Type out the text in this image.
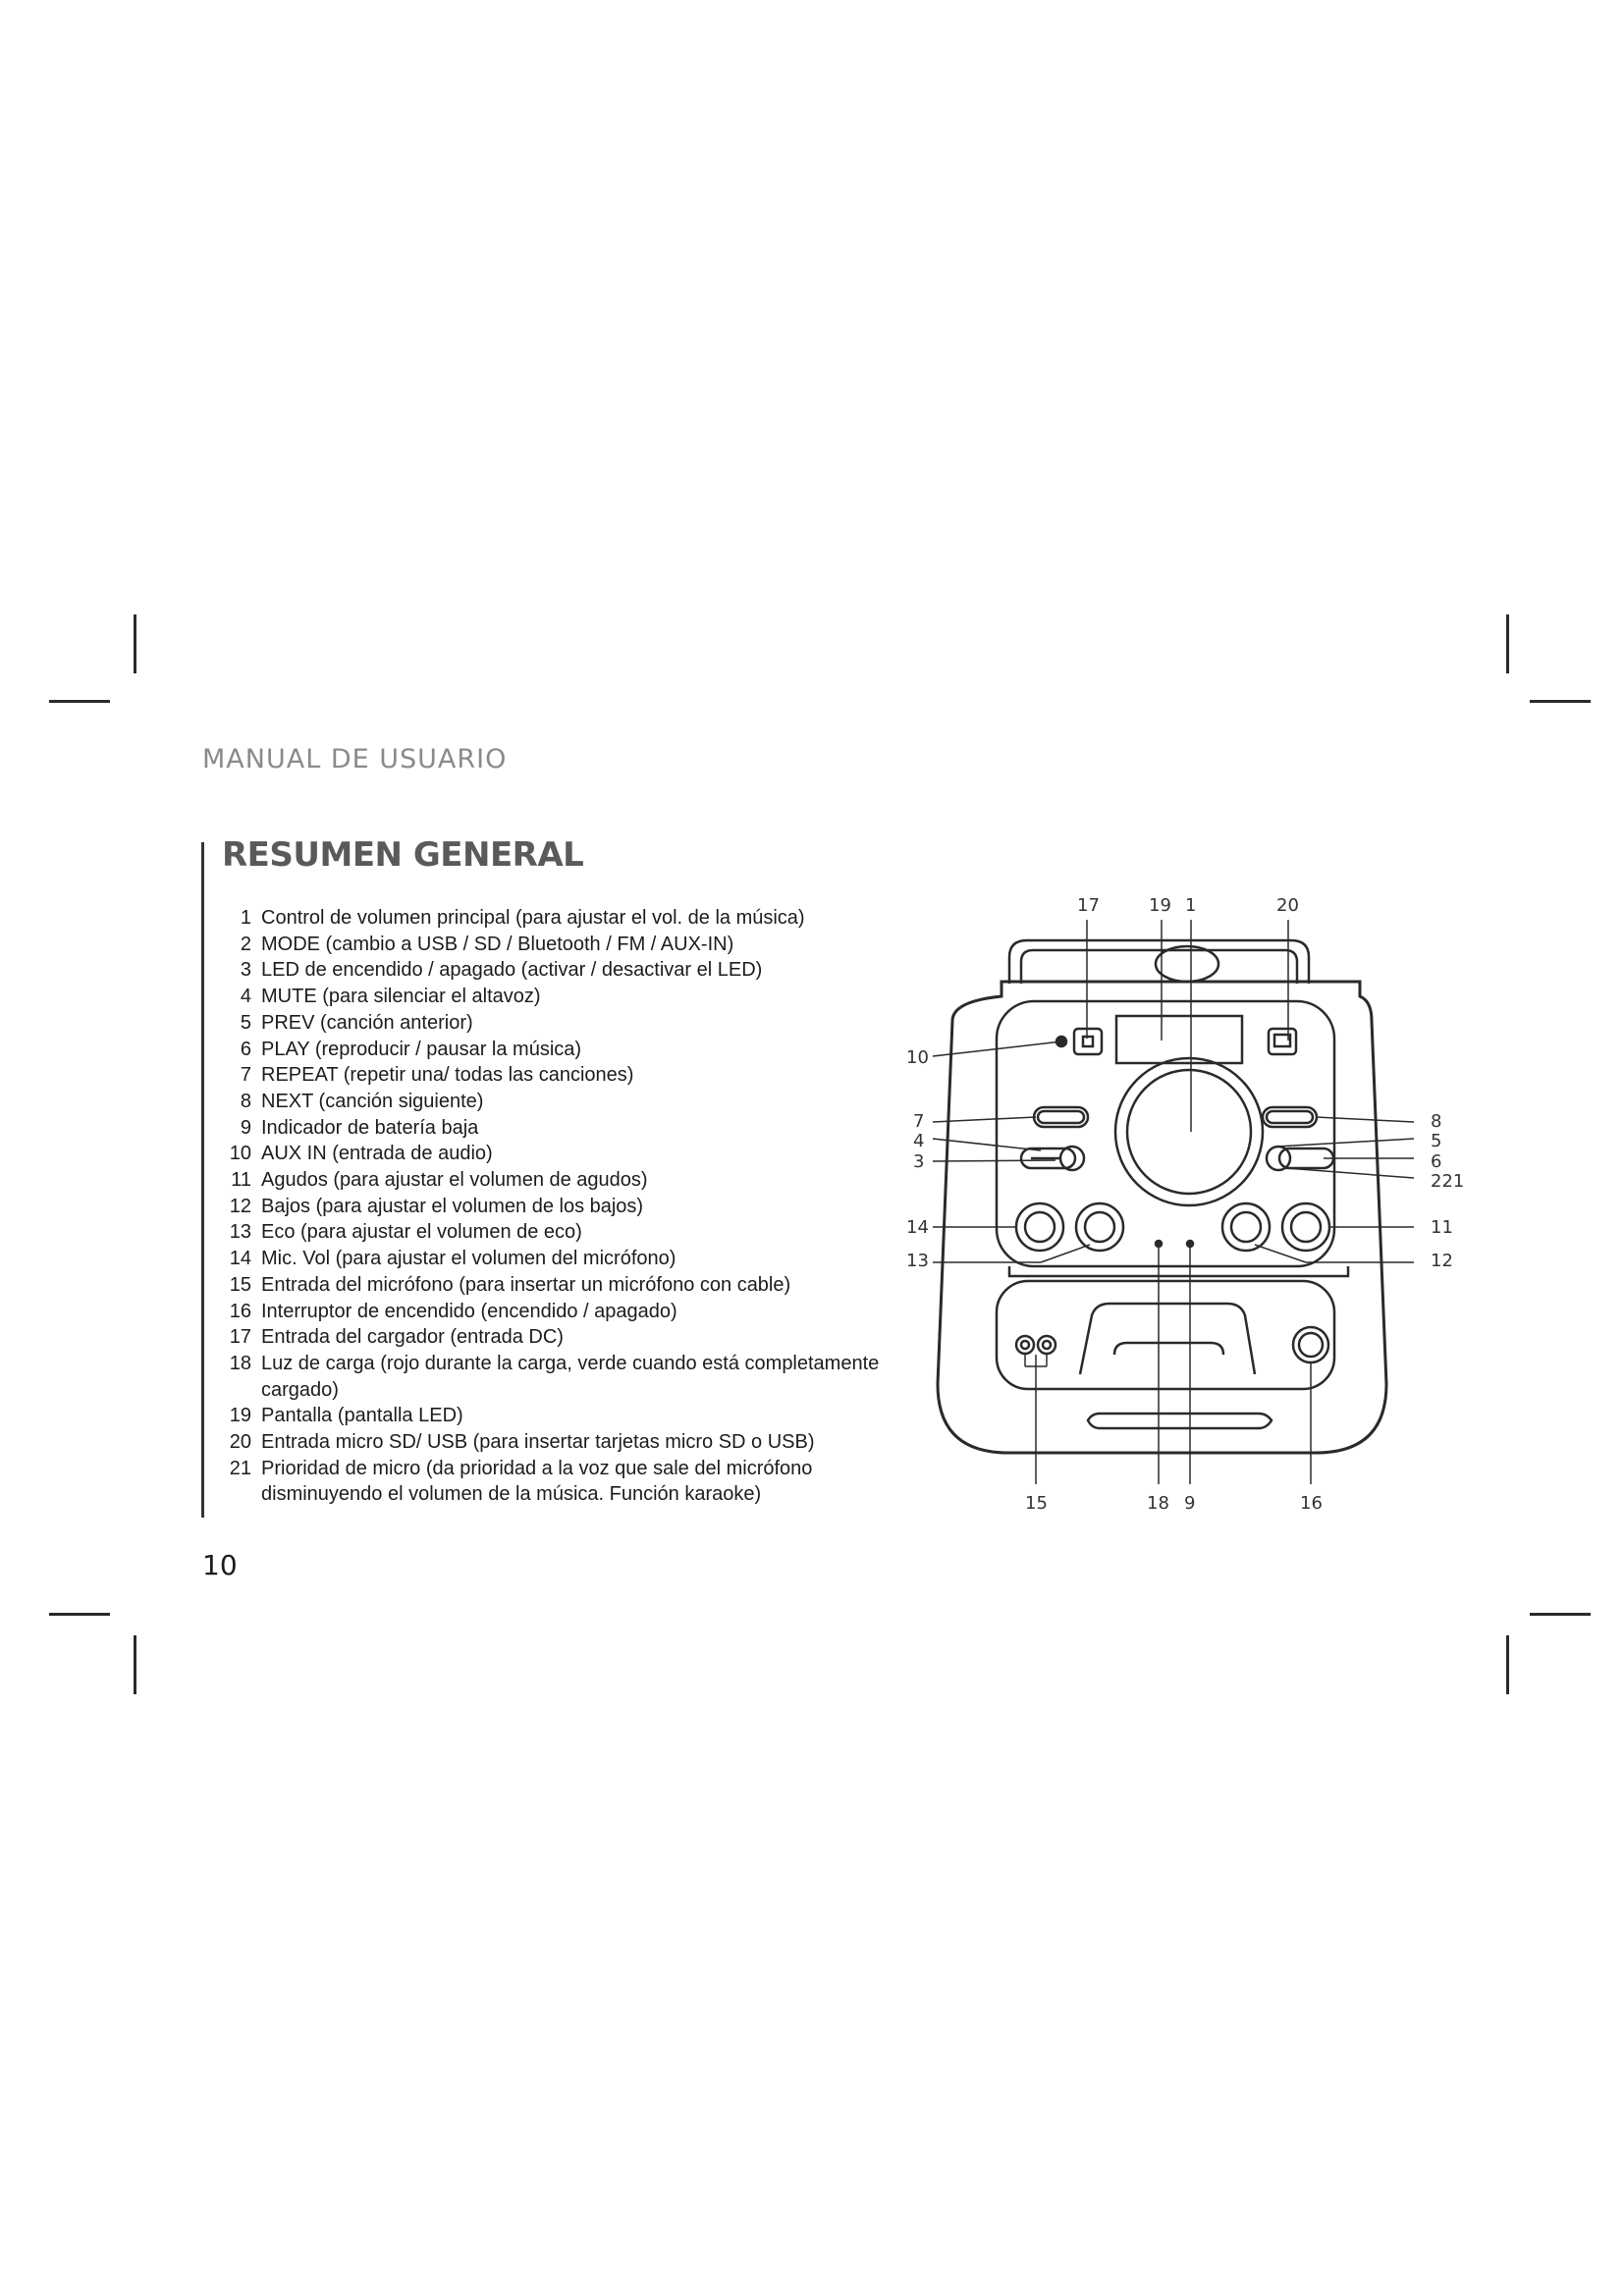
MANUAL DE USUARIO
RESUMEN GENERAL
1 Control de volumen principal (para ajustar el vol. de la música)
2 MODE (cambio a USB / SD / Bluetooth / FM / AUX-IN)
3 LED de encendido / apagado (activar / desactivar el LED)
4 MUTE (para silenciar el altavoz)
5 PREV (canción anterior)
6 PLAY (reproducir / pausar la música)
7 REPEAT (repetir una/ todas las canciones)
8 NEXT (canción siguiente)
9 Indicador de batería baja
10 AUX IN (entrada de audio)
11 Agudos (para ajustar el volumen de agudos)
12 Bajos (para ajustar el volumen de los bajos)
13 Eco (para ajustar el volumen de eco)
14 Mic. Vol (para ajustar el volumen del micrófono)
15 Entrada del micrófono (para insertar un micrófono con cable)
16 Interruptor de encendido (encendido / apagado)
17 Entrada del cargador (entrada DC)
18 Luz de carga (rojo durante la carga, verde cuando está completamente cargado)
19 Pantalla (pantalla LED)
20 Entrada micro SD/ USB (para insertar tarjetas micro SD o USB)
21 Prioridad de micro (da prioridad a la voz que sale del micrófono disminuyendo el volumen de la música. Función karaoke)
10
17	19 1	20
10
7
4
3
8
5
6
221
14
13
11
12
15	18 9	16
